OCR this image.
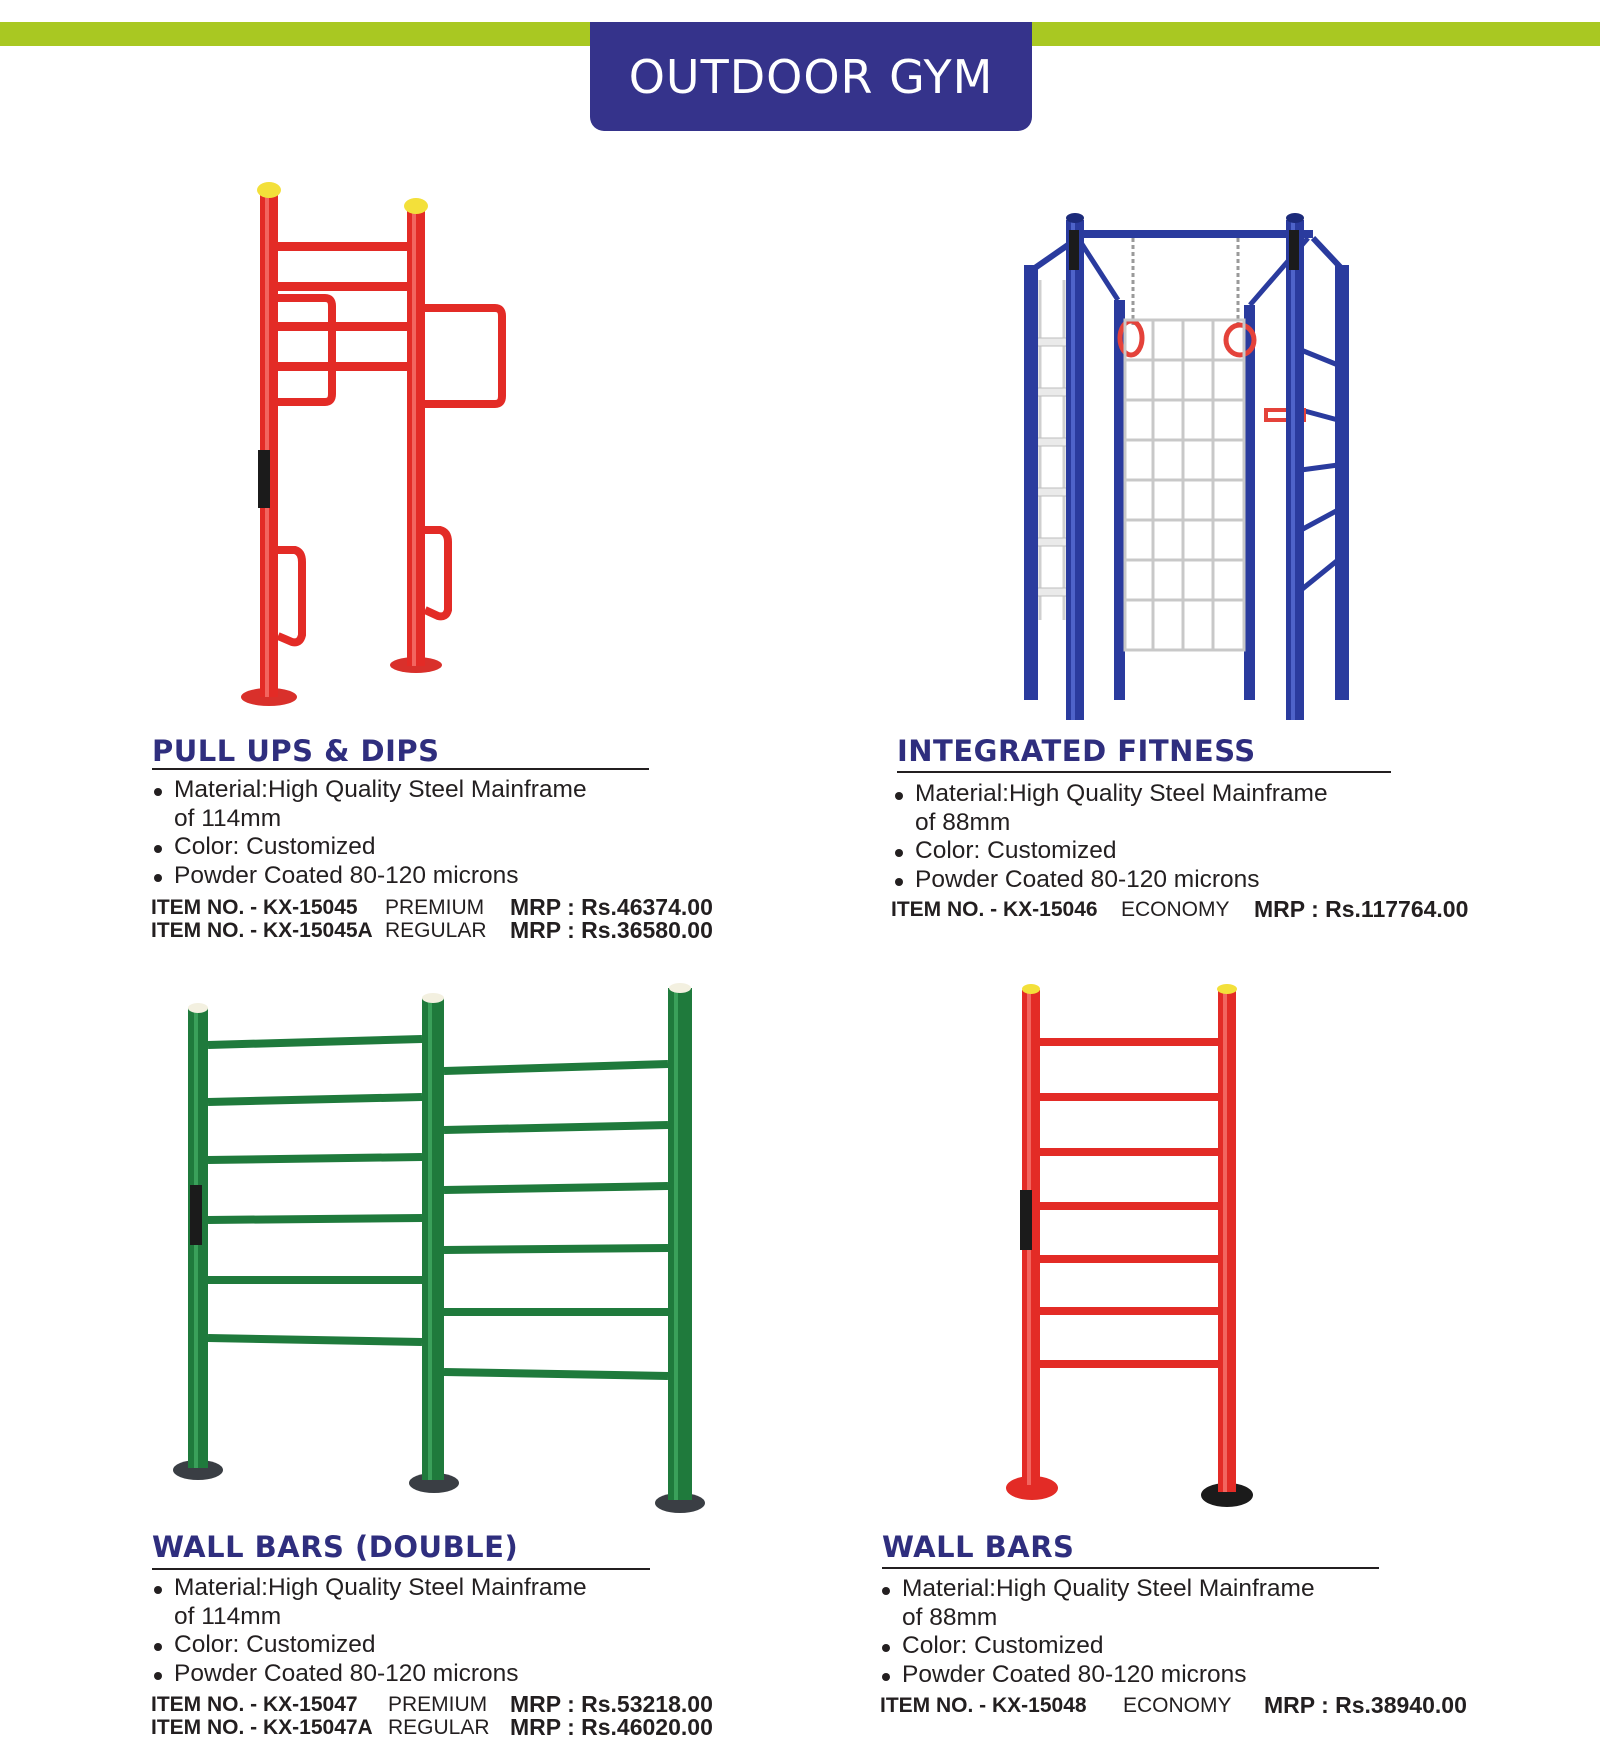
OUTDOOR GYM
PULL UPS & DIPS
Material:High Quality Steel Mainframe
of 114mm
Color: Customized
Powder Coated 80-120 microns
ITEM NO. - KX-15045 PREMIUM MRP : Rs.46374.00
ITEM NO. - KX-15045A REGULAR MRP : Rs.36580.00
INTEGRATED FITNESS
Material:High Quality Steel Mainframe
of 88mm
Color: Customized
Powder Coated 80-120 microns
ITEM NO. - KX-15046 ECONOMY MRP : Rs.117764.00
WALL BARS (DOUBLE)
Material:High Quality Steel Mainframe
of 114mm
Color: Customized
Powder Coated 80-120 microns
ITEM NO. - KX-15047 PREMIUM MRP : Rs.53218.00
ITEM NO. - KX-15047A REGULAR MRP : Rs.46020.00
WALL BARS
Material:High Quality Steel Mainframe
of 88mm
Color: Customized
Powder Coated 80-120 microns
ITEM NO. - KX-15048 ECONOMY MRP : Rs.38940.00
